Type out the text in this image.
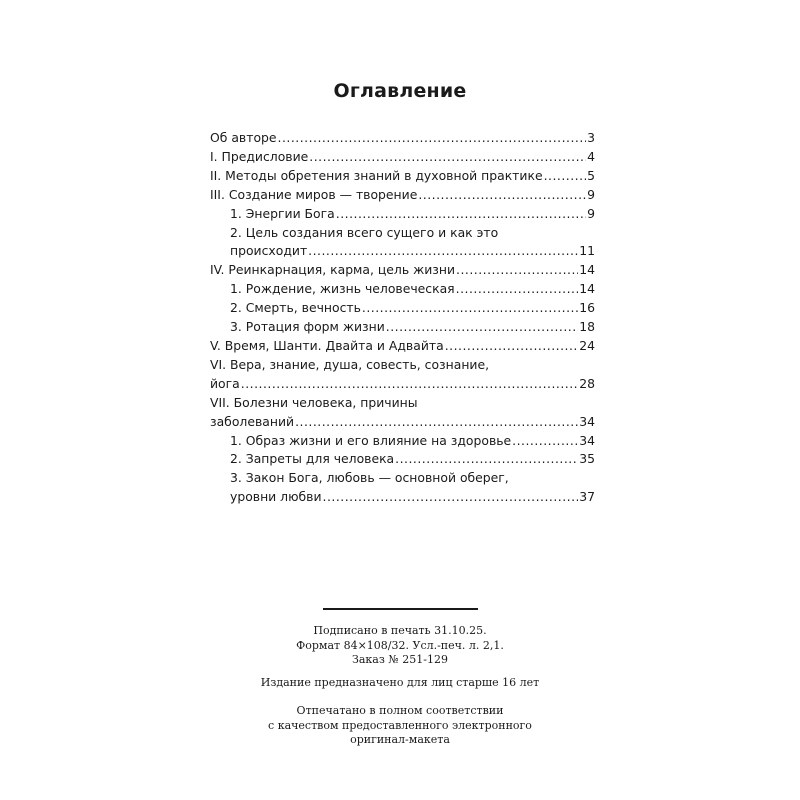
Оглавление
Об авторе .....	3
I. Предисловие .....	4
II. Методы обретения знаний в духовной практике .....	5
III. Создание миров — творение .....	9
1. Энергии Бога .....	9
2. Цель создания всего сущего и как это
происходит .....	11
IV. Реинкарнация, карма, цель жизни .....	14
1. Рождение, жизнь человеческая .....	14
2. Смерть, вечность .....	16
3. Ротация форм жизни .....	18
V. Время, Шанти. Двайта и Адвайта .....	24
VI. Вера, знание, душа, совесть, сознание,
йога .....	28
VII. Болезни человека, причины
заболеваний .....	34
1. Образ жизни и его влияние на здоровье .....	34
2. Запреты для человека .....	35
3. Закон Бога, любовь — основной оберег,
уровни любви .....	37
Подписано в печать 31.10.25.
Формат 84×108/32. Усл.-печ. л. 2,1.
Заказ № 251-129
Издание предназначено для лиц старше 16 лет
Отпечатано в полном соответствии
с качеством предоставленного электронного
оригинал-макета
